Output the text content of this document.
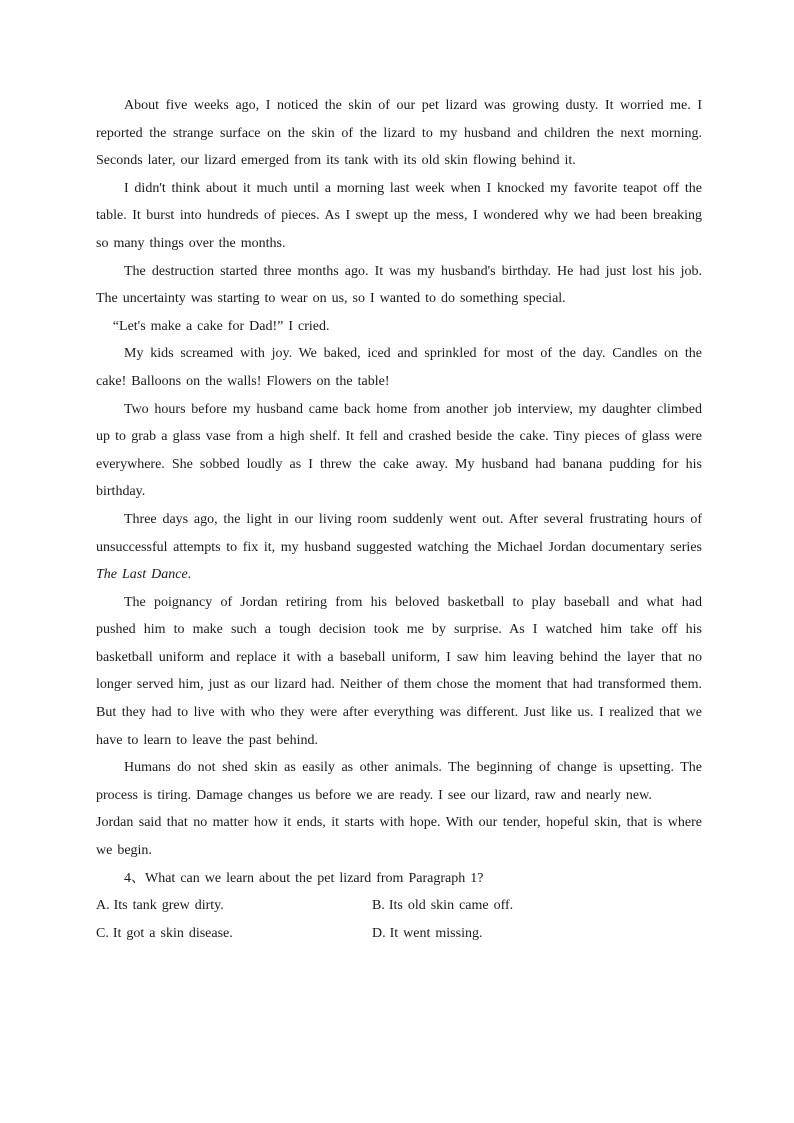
About five weeks ago, I noticed the skin of our pet lizard was growing dusty. It worried me. I reported the strange surface on the skin of the lizard to my husband and children the next morning. Seconds later, our lizard emerged from its tank with its old skin flowing behind it.

I didn't think about it much until a morning last week when I knocked my favorite teapot off the table. It burst into hundreds of pieces. As I swept up the mess, I wondered why we had been breaking so many things over the months.

The destruction started three months ago. It was my husband's birthday. He had just lost his job. The uncertainty was starting to wear on us, so I wanted to do something special.

“Let's make a cake for Dad!” I cried.

My kids screamed with joy. We baked, iced and sprinkled for most of the day. Candles on the cake! Balloons on the walls! Flowers on the table!

Two hours before my husband came back home from another job interview, my daughter climbed up to grab a glass vase from a high shelf. It fell and crashed beside the cake. Tiny pieces of glass were everywhere. She sobbed loudly as I threw the cake away. My husband had banana pudding for his birthday.

Three days ago, the light in our living room suddenly went out. After several frustrating hours of unsuccessful attempts to fix it, my husband suggested watching the Michael Jordan documentary series The Last Dance.

The poignancy of Jordan retiring from his beloved basketball to play baseball and what had pushed him to make such a tough decision took me by surprise. As I watched him take off his basketball uniform and replace it with a baseball uniform, I saw him leaving behind the layer that no longer served him, just as our lizard had. Neither of them chose the moment that had transformed them. But they had to live with who they were after everything was different. Just like us. I realized that we have to learn to leave the past behind.

Humans do not shed skin as easily as other animals. The beginning of change is upsetting. The process is tiring. Damage changes us before we are ready. I see our lizard, raw and nearly new.

Jordan said that no matter how it ends, it starts with hope. With our tender, hopeful skin, that is where we begin.

4、What can we learn about the pet lizard from Paragraph 1?

A. Its tank grew dirty.	B. Its old skin came off.
C. It got a skin disease.	D. It went missing.
